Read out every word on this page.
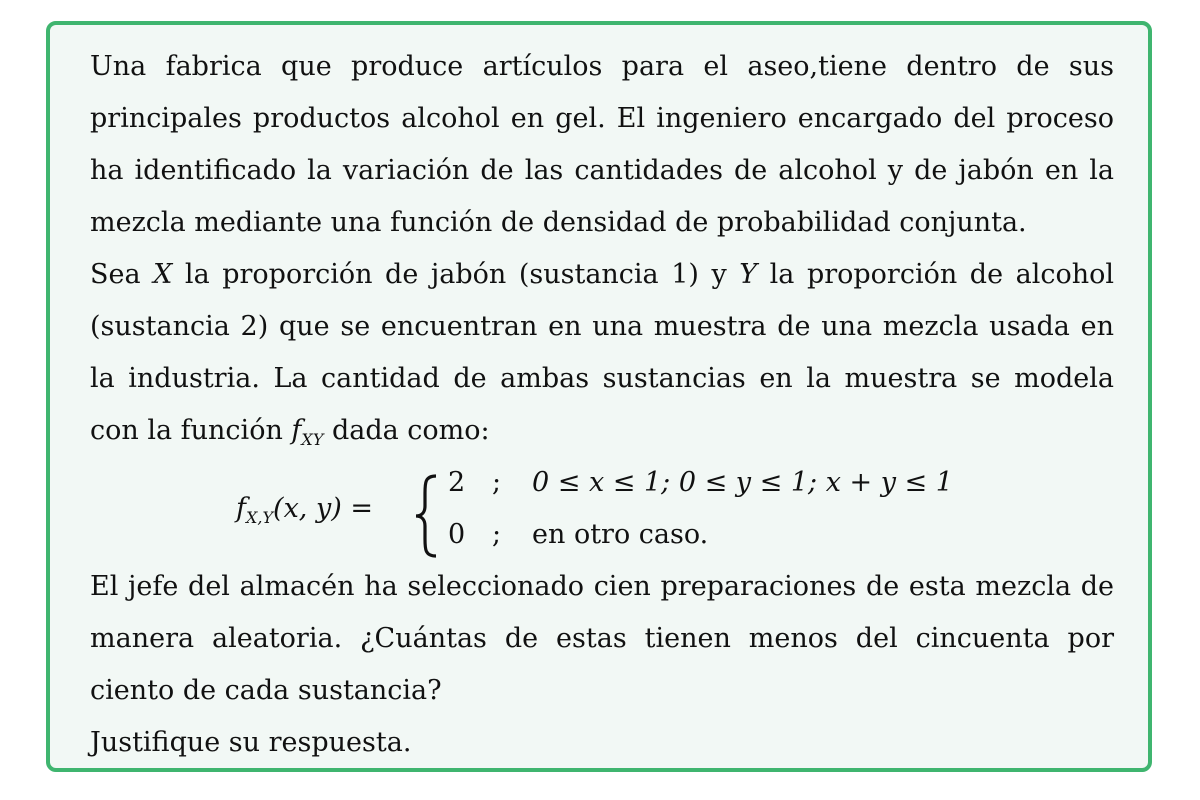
Una fabrica que produce artículos para el aseo,tiene dentro de sus principales productos alcohol en gel. El ingeniero encargado del proceso ha identificado la variación de las cantidades de alcohol y de jabón en la mezcla mediante una función de densidad de probabilidad conjunta.

Sea X la proporción de jabón (sustancia 1) y Y la proporción de alcohol (sustancia 2) que se encuentran en una muestra de una mezcla usada en la industria. La cantidad de ambas sustancias en la muestra se modela con la función $f_{XY}$ dada como:

$f_{X,Y}(x$, y) =
2 ; 0 ≤ x ≤ 1; 0 ≤ y ≤ 1; x + y ≤ 1
0 ; en otro caso.

El jefe del almacén ha seleccionado cien preparaciones de esta mezcla de manera aleatoria. ¿Cuántas de estas tienen menos del cincuenta por ciento de cada sustancia?

Justifique su respuesta.
